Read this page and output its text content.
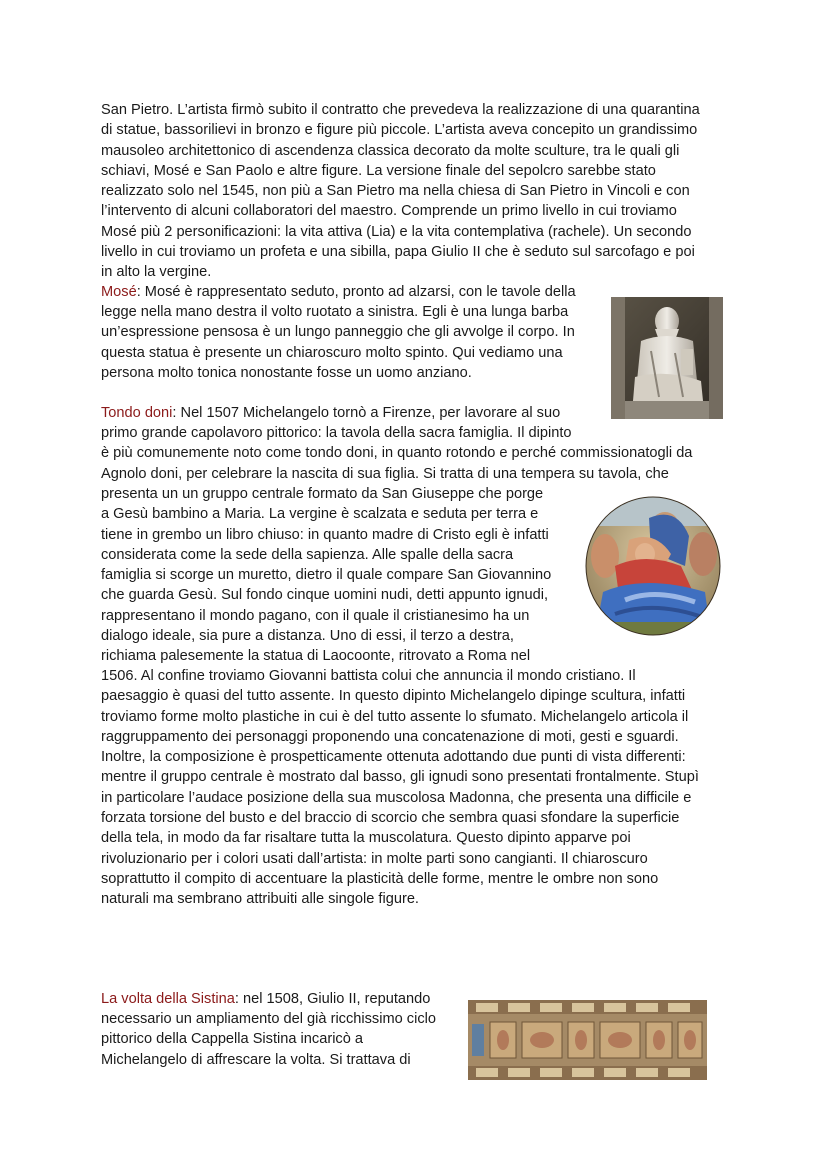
San Pietro. L’artista firmò subito il contratto che prevedeva la realizzazione di una quarantina
di statue, bassorilievi in bronzo e figure più piccole. L’artista aveva concepito un grandissimo
mausoleo architettonico di ascendenza classica decorato da molte sculture, tra le quali gli
schiavi, Mosé e San Paolo e altre figure. La versione finale del sepolcro sarebbe stato
realizzato solo nel 1545, non più a San Pietro ma nella chiesa di San Pietro in Vincoli e con
l’intervento di alcuni collaboratori del maestro. Comprende un primo livello in cui troviamo
Mosé più 2 personificazioni: la vita attiva (Lia) e la vita contemplativa (rachele). Un secondo
livello in cui troviamo un profeta e una sibilla, papa Giulio II che è seduto sul sarcofago e poi
in alto la vergine.

Mosé: Mosé è rappresentato seduto, pronto ad alzarsi, con le tavole della

legge nella mano destra il volto ruotato a sinistra. Egli è una lunga barba
un’espressione pensosa è un lungo panneggio che gli avvolge il corpo. In
questa statua è presente un chiaroscuro molto spinto. Qui vediamo una
persona molto tonica nonostante fosse un uomo anziano.

Tondo doni: Nel 1507 Michelangelo tornò a Firenze, per lavorare al suo

primo grande capolavoro pittorico: la tavola della sacra famiglia. Il dipinto
è più comunemente noto come tondo doni, in quanto rotondo e perché commissionatogli da
Agnolo doni, per celebrare la nascita di sua figlia. Si tratta di una tempera su tavola, che

presenta un un gruppo centrale formato da San Giuseppe che porge
a Gesù bambino a Maria. La vergine è scalzata e seduta per terra e
tiene in grembo un libro chiuso: in quanto madre di Cristo egli è infatti
considerata come la sede della sapienza. Alle spalle della sacra
famiglia si scorge un muretto, dietro il quale compare San Giovannino
che guarda Gesù. Sul fondo cinque uomini nudi, detti appunto ignudi,
rappresentano il mondo pagano, con il quale il cristianesimo ha un
dialogo ideale, sia pure a distanza. Uno di essi, il terzo a destra,
richiama palesemente la statua di Laocoonte, ritrovato a Roma nel

1506. Al confine troviamo Giovanni battista colui che annuncia il mondo cristiano. Il
paesaggio è quasi del tutto assente. In questo dipinto Michelangelo dipinge scultura, infatti
troviamo forme molto plastiche in cui è del tutto assente lo sfumato. Michelangelo articola il
raggruppamento dei personaggi proponendo una concatenazione di moti, gesti e sguardi.
Inoltre, la composizione è prospetticamente ottenuta adottando due punti di vista differenti:
mentre il gruppo centrale è mostrato dal basso, gli ignudi sono presentati frontalmente. Stupì
in particolare l’audace posizione della sua muscolosa Madonna, che presenta una difficile e
forzata torsione del busto e del braccio di scorcio che sembra quasi sfondare la superficie
della tela, in modo da far risaltare tutta la muscolatura. Questo dipinto apparve poi
rivoluzionario per i colori usati dall’artista: in molte parti sono cangianti. Il chiaroscuro
soprattutto il compito di accentuare la plasticità delle forme, mentre le ombre non sono
naturali ma sembrano attribuiti alle singole figure.

La volta della Sistina: nel 1508, Giulio II, reputando

necessario un ampliamento del già ricchissimo ciclo
pittorico della Cappella Sistina incaricò a
Michelangelo di affrescare la volta. Si trattava di
